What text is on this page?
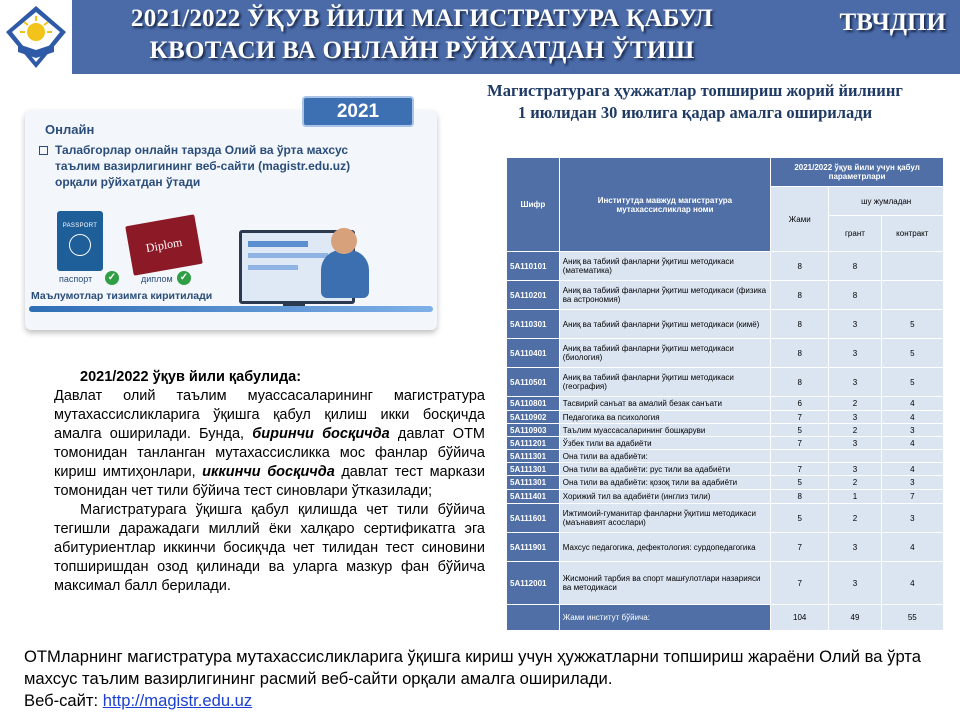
2021/2022 ЎҚУВ ЙИЛИ МАГИСТРАТУРА ҚАБУЛ
КВОТАСИ ВА ОНЛАЙН РЎЙХАТДАН ЎТИШ
ТВЧДПИ
Онлайн
Талабгорлар онлайн тарзда Олий ва ўрта махсус таълим вазирлигининг веб-сайти (magistr.edu.uz) орқали рўйхатдан ўтади
PASSPORT
Diplom
паспорт	диплом
✓	✓
Маълумотлар тизимга киритилади
2021
Магистратурага ҳужжатлар топшириш жорий йилнинг
1 июлидан 30 июлига қадар амалга оширилади
Шифр	Институтда мавжуд магистратура мутахассисликлар номи	2021/2022 ўқув йили учун қабул параметрлари		
		Жами	шу жумладан	
			грант	контракт
5A110101	Аниқ ва табиий фанларни ўқитиш методикаси (математика)	8	8	
5A110201	Аниқ ва табиий фанларни ўқитиш методикаси (физика ва астрономия)	8	8	
5A110301	Аниқ ва табиий фанларни ўқитиш методикаси (кимё)	8	3	5
5A110401	Аниқ ва табиий фанларни ўқитиш методикаси (биология)	8	3	5
5A110501	Аниқ ва табиий фанларни ўқитиш методикаси (география)	8	3	5
5A110801	Тасвирий санъат ва амалий безак санъати	6	2	4
5A110902	Педагогика ва психология	7	3	4
5A110903	Таълим муассасаларининг бошқаруви	5	2	3
5A111201	Ўзбек тили ва адабиёти	7	3	4
5A111301	Она тили ва адабиёти:			
5A111301	Она тили ва адабиёти: рус тили ва адабиёти	7	3	4
5A111301	Она тили ва адабиёти: қозоқ тили ва адабиёти	5	2	3
5A111401	Хорижий тил ва адабиёти (инглиз тили)	8	1	7
5A111601	Ижтимоий-гуманитар фанларни ўқитиш методикаси (маънавият асослари)	5	2	3
5A111901	Махсус педагогика, дефектология: сурдопедагогика	7	3	4
5A112001	Жисмоний тарбия ва спорт машғулотлари назарияси ва методикаси	7	3	4
	Жами институт бўйича:	104	49	55

2021/2022 ўқув йили қабулида:

Давлат олий таълим муассасаларининг магистратура мутахассисликларига ўқишга қабул қилиш икки босқичда амалга оширилади. Бунда, биринчи босқичда давлат ОТМ томонидан танланган мутахассисликка мос фанлар бўйича кириш имтиҳонлари, иккинчи босқичда давлат тест маркази томонидан чет тили бўйича тест синовлари ўтказилади;

Магистратурага ўқишга қабул қилишда чет тили бўйича тегишли даражадаги миллий ёки халқаро сертификатга эга абитуриентлар иккинчи босиқчда чет тилидан тест синовини топширишдан озод қилинади ва уларга мазкур фан бўйича максимал балл берилади.

ОТМларнинг магистратура мутахассисликларига ўқишга кириш учун ҳужжатларни топшириш жараёни Олий ва ўрта махсус таълим вазирлигининг расмий веб-сайти орқали амалга оширилади.
Веб-сайт: http://magistr.edu.uz
